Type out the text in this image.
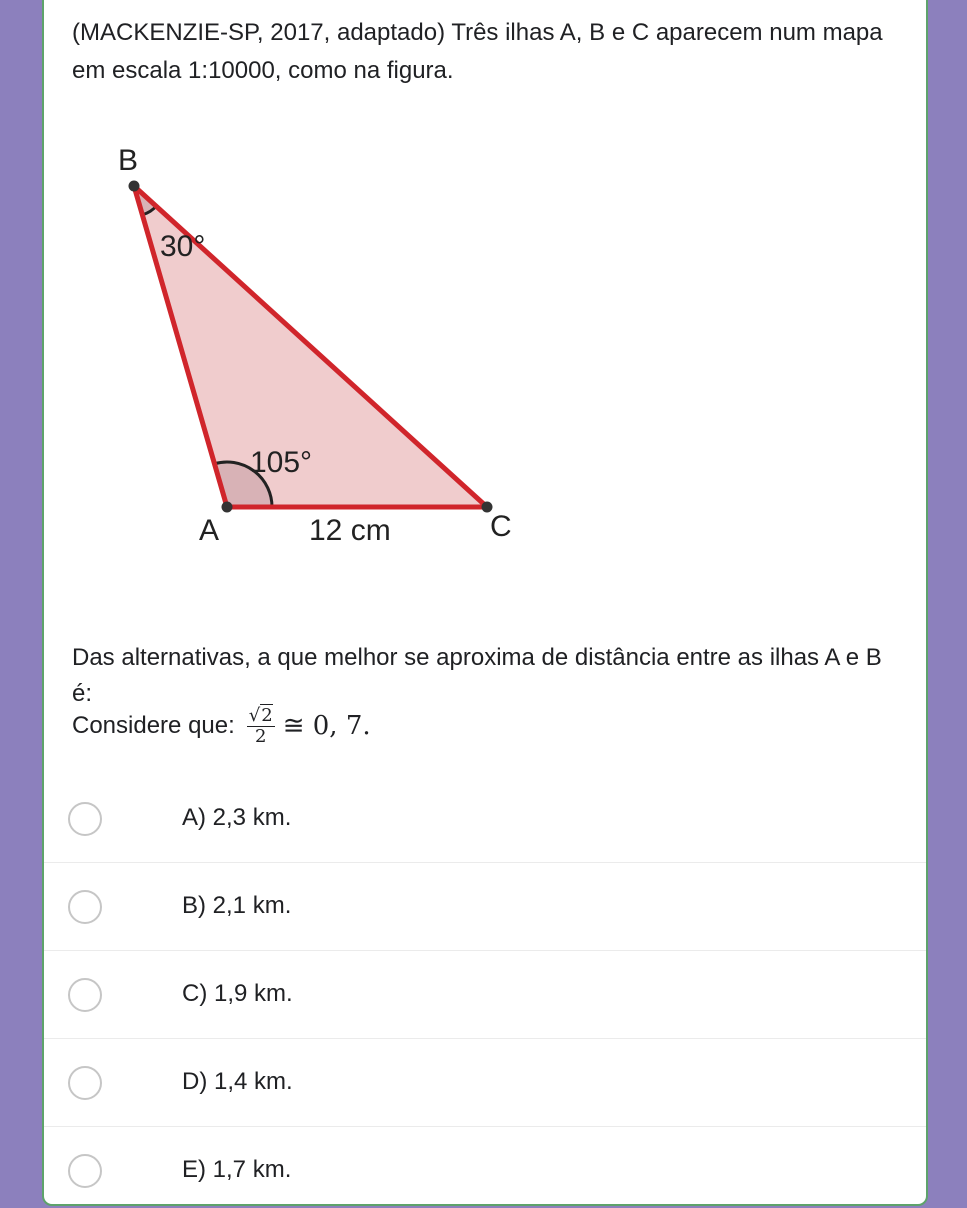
(MACKENZIE-SP, 2017, adaptado) Três ilhas A, B e C aparecem num mapa em escala 1:10000, como na figura.

B
30°
105°
A	12 cm	C

Das alternativas, a que melhor se aproxima de distância entre as ilhas A e B é:

Considere que: $\frac{√2}{2}$ ≅ 0, 7.
A) 2,3 km.
B) 2,1 km.
C) 1,9 km.
D) 1,4 km.
E) 1,7 km.
